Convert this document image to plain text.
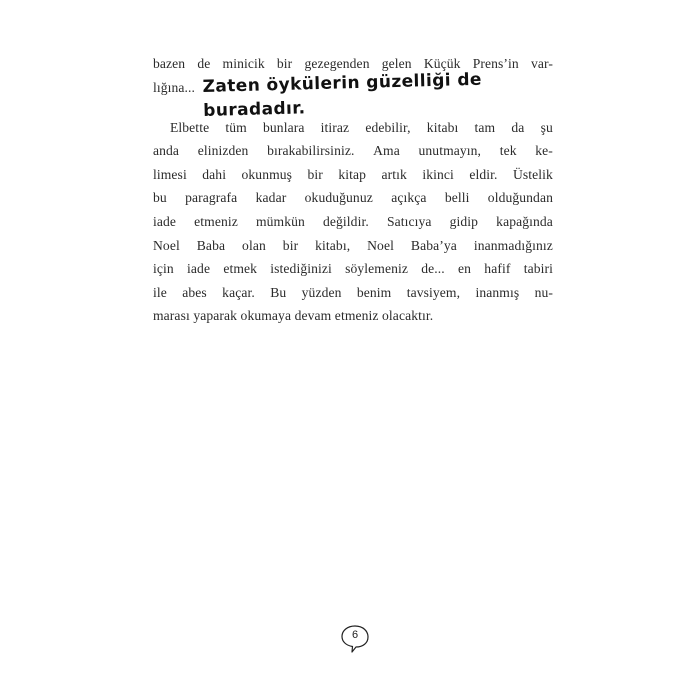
bazen de minicik bir gezegenden gelen Küçük Prens’in var-
lığına... Zaten öykülerin güzelliği de buradadır.
Elbette tüm bunlara itiraz edebilir, kitabı tam da şu
anda elinizden bırakabilirsiniz. Ama unutmayın, tek ke-
limesi dahi okunmuş bir kitap artık ikinci eldir. Üstelik
bu paragrafa kadar okuduğunuz açıkça belli olduğundan
iade etmeniz mümkün değildir. Satıcıya gidip kapağında
Noel Baba olan bir kitabı, Noel Baba’ya inanmadığınız
için iade etmek istediğinizi söylemeniz de... en hafif tabiri
ile abes kaçar. Bu yüzden benim tavsiyem, inanmış nu-
marası yaparak okumaya devam etmeniz olacaktır.
6
